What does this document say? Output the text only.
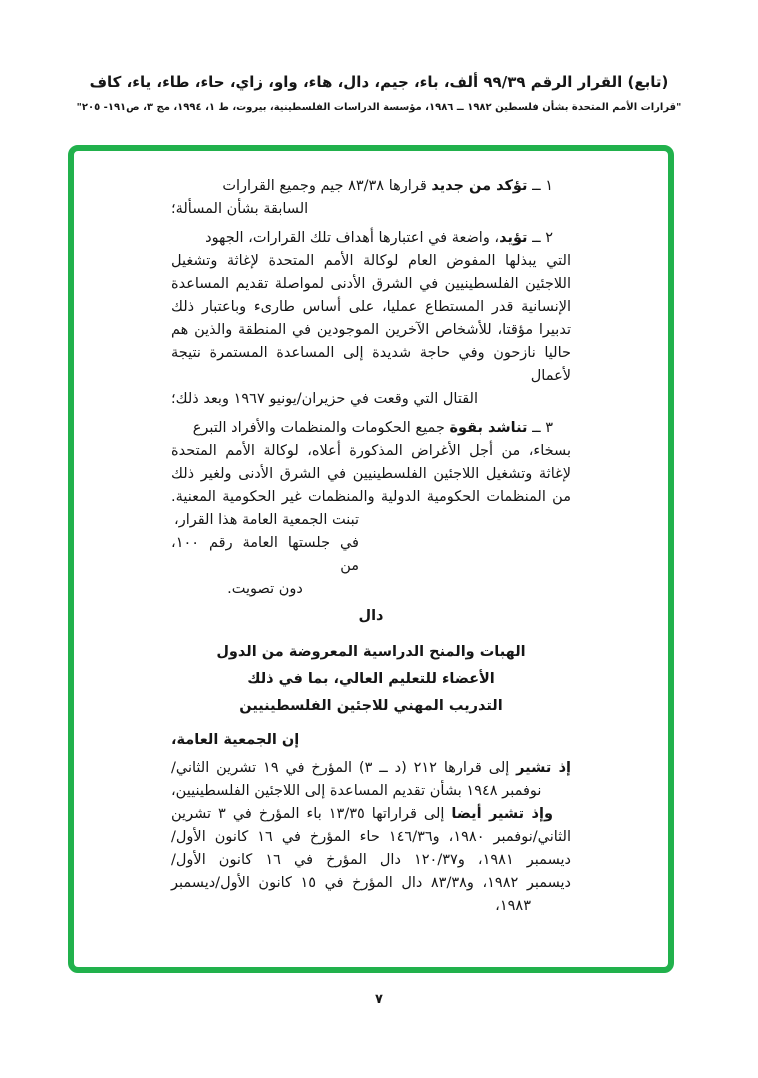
(تابع) القرار الرقم ٩٩/٣٩ ألف، باء، جيم، دال، هاء، واو، زاي، حاء، طاء، ياء، كاف
"قرارات الأمم المتحدة بشأن فلسطين ١٩٨٢ ــ ١٩٨٦، مؤسسة الدراسات الفلسطينية، بيروت، ط ١، ١٩٩٤، مج ٣، ص١٩١- ٢٠٥"
١ ــ تؤكد من جديد قرارها ٨٣/٣٨ جيم وجميع القرارات
السابقة بشأن المسألة؛
٢ ــ تؤيد، واضعة في اعتبارها أهداف تلك القرارات، الجهود
التي يبذلها المفوض العام لوكالة الأمم المتحدة لإغاثة وتشغيل
اللاجئين الفلسطينيين في الشرق الأدنى لمواصلة تقديم المساعدة
الإنسانية قدر المستطاع عمليا، على أساس طارىء وباعتبار ذلك
تدبيرا مؤقتا، للأشخاص الآخرين الموجودين في المنطقة والذين هم
حاليا نازحون وفي حاجة شديدة إلى المساعدة المستمرة نتيجة لأعمال
القتال التي وقعت في حزيران/يونيو ١٩٦٧ وبعد ذلك؛
٣ ــ تناشد بقوة جميع الحكومات والمنظمات والأفراد التبرع
بسخاء، من أجل الأغراض المذكورة أعلاه، لوكالة الأمم المتحدة
لإغاثة وتشغيل اللاجئين الفلسطينيين في الشرق الأدنى ولغير ذلك
من المنظمات الحكومية الدولية والمنظمات غير الحكومية المعنية.
تبنت الجمعية العامة هذا القرار،
في جلستها العامة رقم ١٠٠، من
دون تصويت.
دال
الهبات والمنح الدراسية المعروضة من الدول
الأعضاء للتعليم العالي، بما في ذلك
التدريب المهني للاجئين الفلسطينيين
إن الجمعية العامة،
إذ تشير إلى قرارها ٢١٢ (د ــ ٣) المؤرخ في ١٩ تشرين الثاني/
نوفمبر ١٩٤٨ بشأن تقديم المساعدة إلى اللاجئين الفلسطينيين،
وإذ تشير أيضا إلى قراراتها ١٣/٣٥ باء المؤرخ في ٣ تشرين
الثاني/نوفمبر ١٩٨٠، و١٤٦/٣٦ حاء المؤرخ في ١٦ كانون الأول/
ديسمبر ١٩٨١، و١٢٠/٣٧ دال المؤرخ في ١٦ كانون الأول/
ديسمبر ١٩٨٢، و٨٣/٣٨ دال المؤرخ في ١٥ كانون الأول/ديسمبر
١٩٨٣،
٧
